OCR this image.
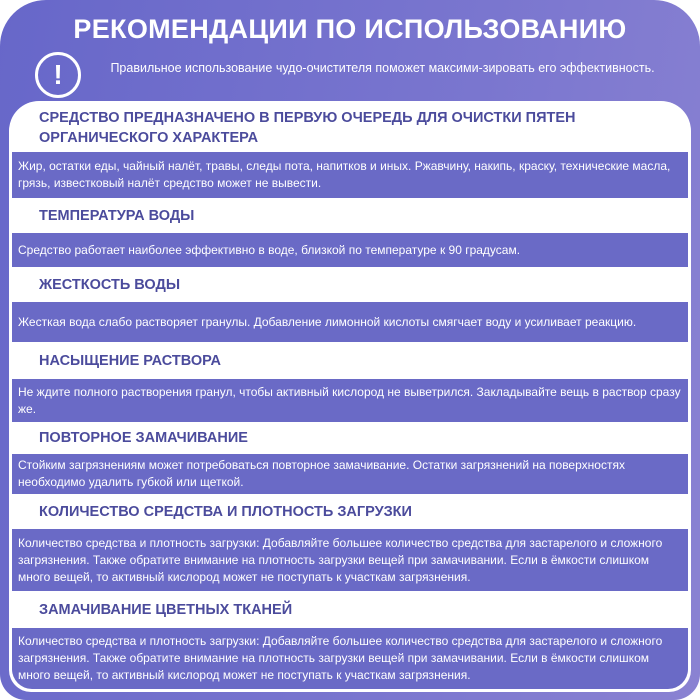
РЕКОМЕНДАЦИИ ПО ИСПОЛЬЗОВАНИЮ
!	Правильное использование чудо-очистителя поможет максими-зировать его эффективность.
СРЕДСТВО ПРЕДНАЗНАЧЕНО В ПЕРВУЮ ОЧЕРЕДЬ ДЛЯ ОЧИСТКИ ПЯТЕН ОРГАНИЧЕСКОГО ХАРАКТЕРА
Жир, остатки еды, чайный налёт, травы, следы пота, напитков и иных. Ржавчину, накипь, краску, технические масла, грязь, известковый налёт средство может не вывести.
ТЕМПЕРАТУРА ВОДЫ
Средство работает наиболее эффективно в воде, близкой по температуре к 90 градусам.
ЖЕСТКОСТЬ ВОДЫ
Жесткая вода слабо растворяет гранулы. Добавление лимонной кислоты смягчает воду и усиливает реакцию.
НАСЫЩЕНИЕ РАСТВОРА
Не ждите полного растворения гранул, чтобы активный кислород не выветрился. Закладывайте вещь в раствор сразу же.
ПОВТОРНОЕ ЗАМАЧИВАНИЕ
Стойким загрязнениям может потребоваться повторное замачивание. Остатки загрязнений на поверхностях необходимо удалить губкой или щеткой.
КОЛИЧЕСТВО СРЕДСТВА И ПЛОТНОСТЬ ЗАГРУЗКИ
Количество средства и плотность загрузки: Добавляйте большее количество средства для застарелого и сложного загрязнения. Также обратите внимание на плотность загрузки вещей при замачивании. Если в ёмкости слишком много вещей, то активный кислород может не поступать к участкам загрязнения.
ЗАМАЧИВАНИЕ ЦВЕТНЫХ ТКАНЕЙ
Количество средства и плотность загрузки: Добавляйте большее количество средства для застарелого и сложного загрязнения. Также обратите внимание на плотность загрузки вещей при замачивании. Если в ёмкости слишком много вещей, то активный кислород может не поступать к участкам загрязнения.
